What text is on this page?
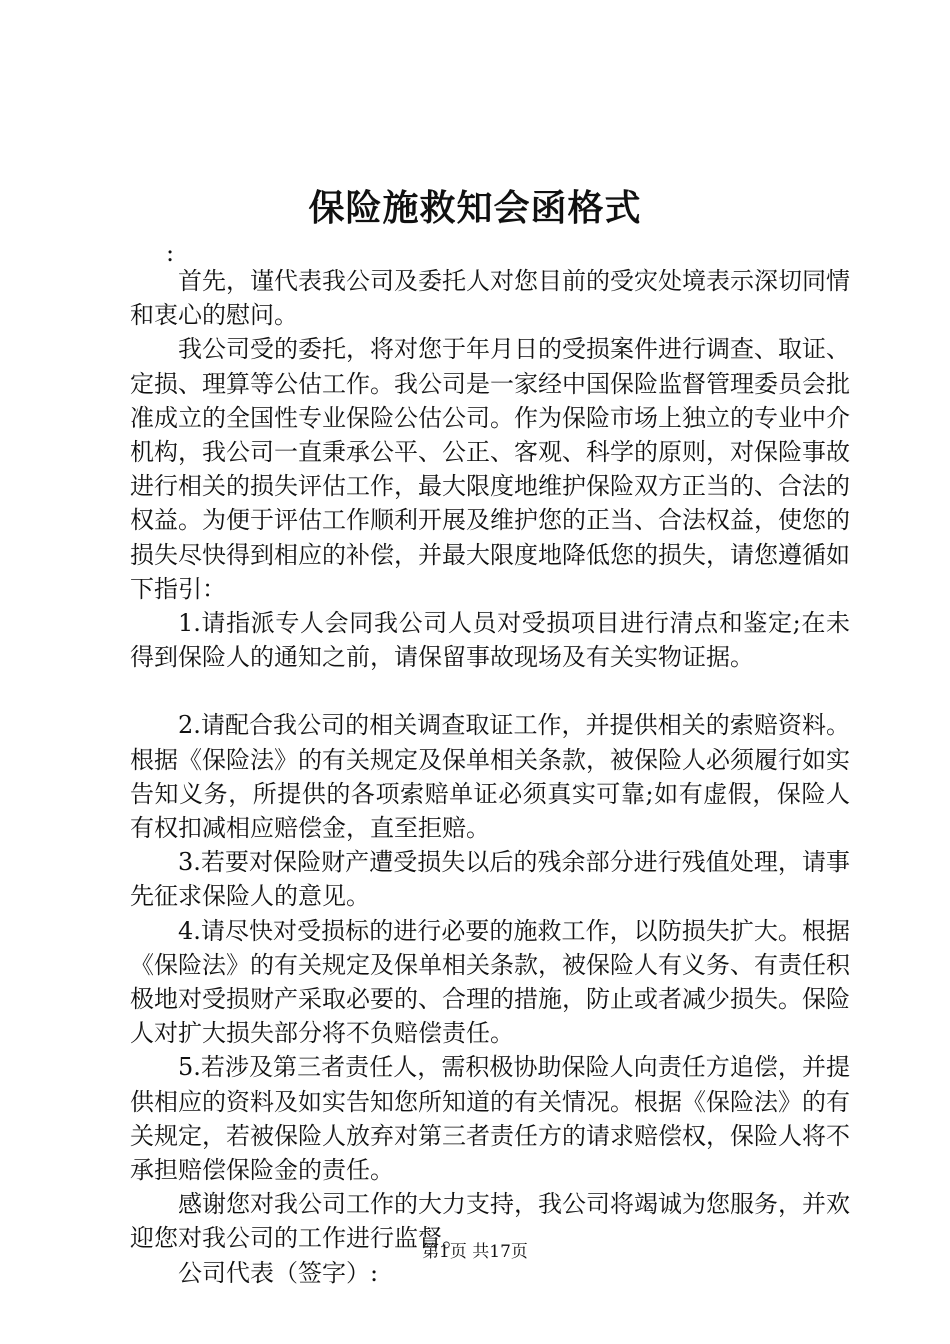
保险施救知会函格式
:

首先，谨代表我公司及委托人对您目前的受灾处境表示深切同情和衷心的慰问。

我公司受的委托，将对您于年月日的受损案件进行调查、取证、定损、理算等公估工作。我公司是一家经中国保险监督管理委员会批准成立的全国性专业保险公估公司。作为保险市场上独立的专业中介机构，我公司一直秉承公平、公正、客观、科学的原则，对保险事故进行相关的损失评估工作，最大限度地维护保险双方正当的、合法的权益。为便于评估工作顺利开展及维护您的正当、合法权益，使您的损失尽快得到相应的补偿，并最大限度地降低您的损失，请您遵循如下指引：

1.请指派专人会同我公司人员对受损项目进行清点和鉴定;在未得到保险人的通知之前，请保留事故现场及有关实物证据。

2.请配合我公司的相关调查取证工作，并提供相关的索赔资料。根据《保险法》的有关规定及保单相关条款，被保险人必须履行如实告知义务，所提供的各项索赔单证必须真实可靠;如有虚假，保险人有权扣减相应赔偿金，直至拒赔。

3.若要对保险财产遭受损失以后的残余部分进行残值处理，请事先征求保险人的意见。

4.请尽快对受损标的进行必要的施救工作，以防损失扩大。根据《保险法》的有关规定及保单相关条款，被保险人有义务、有责任积极地对受损财产采取必要的、合理的措施，防止或者减少损失。保险人对扩大损失部分将不负赔偿责任。

5.若涉及第三者责任人，需积极协助保险人向责任方追偿，并提供相应的资料及如实告知您所知道的有关情况。根据《保险法》的有关规定，若被保险人放弃对第三者责任方的请求赔偿权，保险人将不承担赔偿保险金的责任。

感谢您对我公司工作的大力支持，我公司将竭诚为您服务，并欢迎您对我公司的工作进行监督。

公司代表（签字）:

第1页 共17页
